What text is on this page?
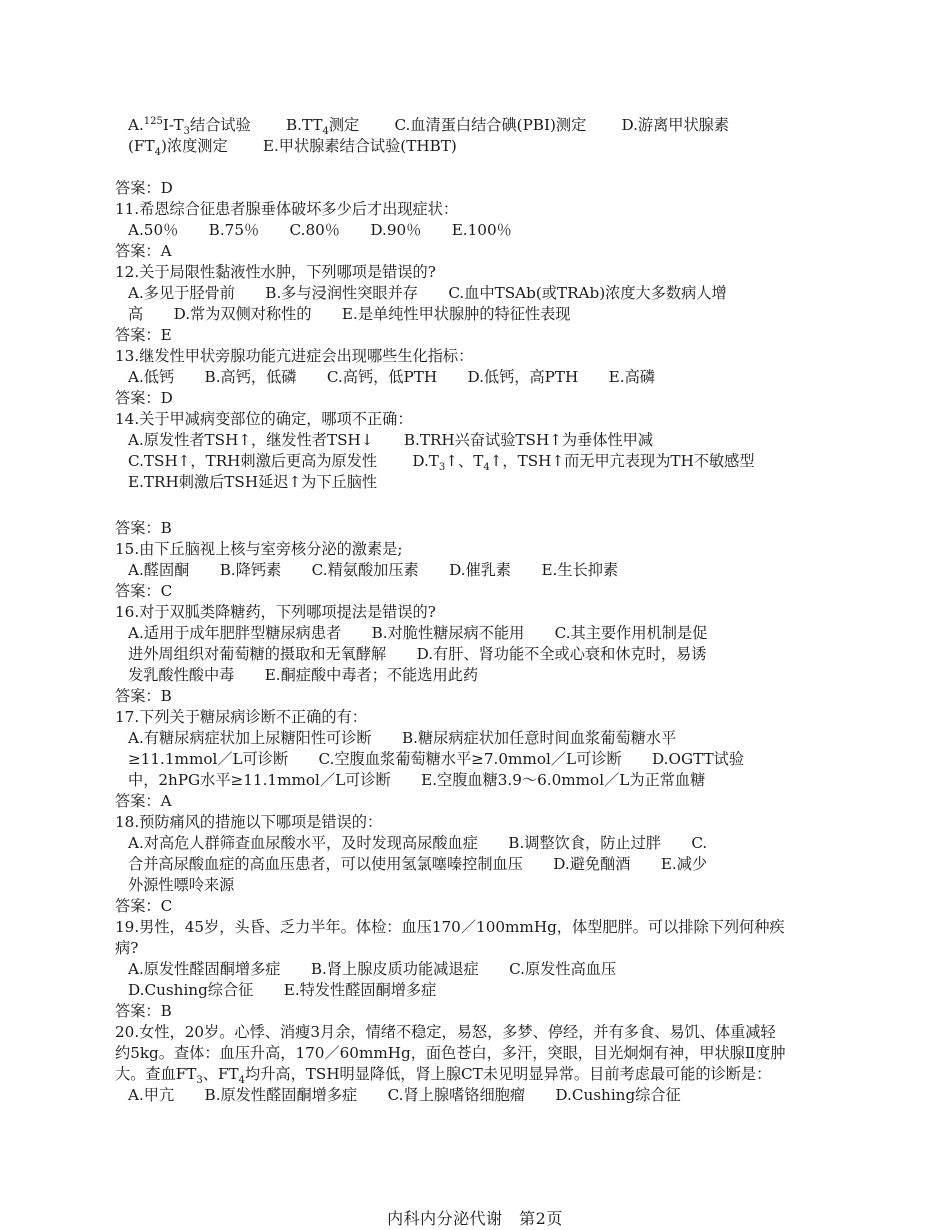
$A.^{125}I-T_3$结合试验　　 $B.TT_4$测定　　 C.血清蛋白结合碘(PBI)测定　　 D.游离甲状腺素
$(FT_4)$浓度测定　　 E.甲状腺素结合试验(THBT)
答案：D
11.希恩综合征患者腺垂体破坏多少后才出现症状：
A.50％　　B.75％　　C.80％　　D.90％　　E.100％
答案：A
12.关于局限性黏液性水肿，下列哪项是错误的?
A.多见于胫骨前　　B.多与浸润性突眼并存　　C.血中TSAb(或TRAb)浓度大多数病人增
高　　D.常为双侧对称性的　　E.是单纯性甲状腺肿的特征性表现
答案：E
13.继发性甲状旁腺功能亢进症会出现哪些生化指标：
A.低钙　　B.高钙，低磷　　C.高钙，低PTH　　D.低钙，高PTH　　E.高磷
答案：D
14.关于甲减病变部位的确定，哪项不正确：
A.原发性者TSH↑，继发性者TSH↓　　B.TRH兴奋试验TSH↑为垂体性甲减
C.TSH↑，TRH刺激后更高为原发性　　 $D.T_3↑$、$T_4↑$，TSH↑而无甲亢表现为TH不敏感型
E.TRH刺激后TSH延迟↑为下丘脑性
答案：B
15.由下丘脑视上核与室旁核分泌的激素是;
A.醛固酮　　B.降钙素　　C.精氨酸加压素　　D.催乳素　　E.生长抑素
答案：C
16.对于双胍类降糖药，下列哪项提法是错误的?
A.适用于成年肥胖型糖尿病患者　　B.对脆性糖尿病不能用　　C.其主要作用机制是促
进外周组织对葡萄糖的摄取和无氧酵解　　D.有肝、肾功能不全或心衰和休克时，易诱
发乳酸性酸中毒　　E.酮症酸中毒者；不能选用此药
答案：B
17.下列关于糖尿病诊断不正确的有：
A.有糖尿病症状加上尿糖阳性可诊断　　B.糖尿病症状加任意时间血浆葡萄糖水平
≥11.1mmol／L可诊断　　C.空腹血浆葡萄糖水平≥7.0mmol／L可诊断　　D.OGTT试验
中，2hPG水平≥11.1mmol／L可诊断　　E.空腹血糖3.9～6.0mmol／L为正常血糖
答案：A
18.预防痛风的措施以下哪项是错误的：
A.对高危人群筛查血尿酸水平，及时发现高尿酸血症　　B.调整饮食，防止过胖　　C.
合并高尿酸血症的高血压患者，可以使用氢氯噻嗪控制血压　　D.避免酗酒　　E.减少
外源性嘌呤来源
答案：C
19.男性，45岁，头昏、乏力半年。体检：血压170／100mmHg，体型肥胖。可以排除下列何种疾
病?
A.原发性醛固酮增多症　　B.肾上腺皮质功能减退症　　C.原发性高血压
D.Cushing综合征　　E.特发性醛固酮增多症
答案：B
20.女性，20岁。心悸、消瘦3月余，情绪不稳定，易怒，多梦、停经，并有多食、易饥、体重减轻
约5kg。查体：血压升高，170／60mmHg，面色苍白，多汗，突眼，目光炯炯有神，甲状腺Ⅱ度肿
大。查血$FT_3$、$FT_4$均升高，TSH明显降低，肾上腺CT未见明显异常。目前考虑最可能的诊断是：
A.甲亢　　B.原发性醛固酮增多症　　C.肾上腺嗜铬细胞瘤　　D.Cushing综合征
内科内分泌代谢　第2页
